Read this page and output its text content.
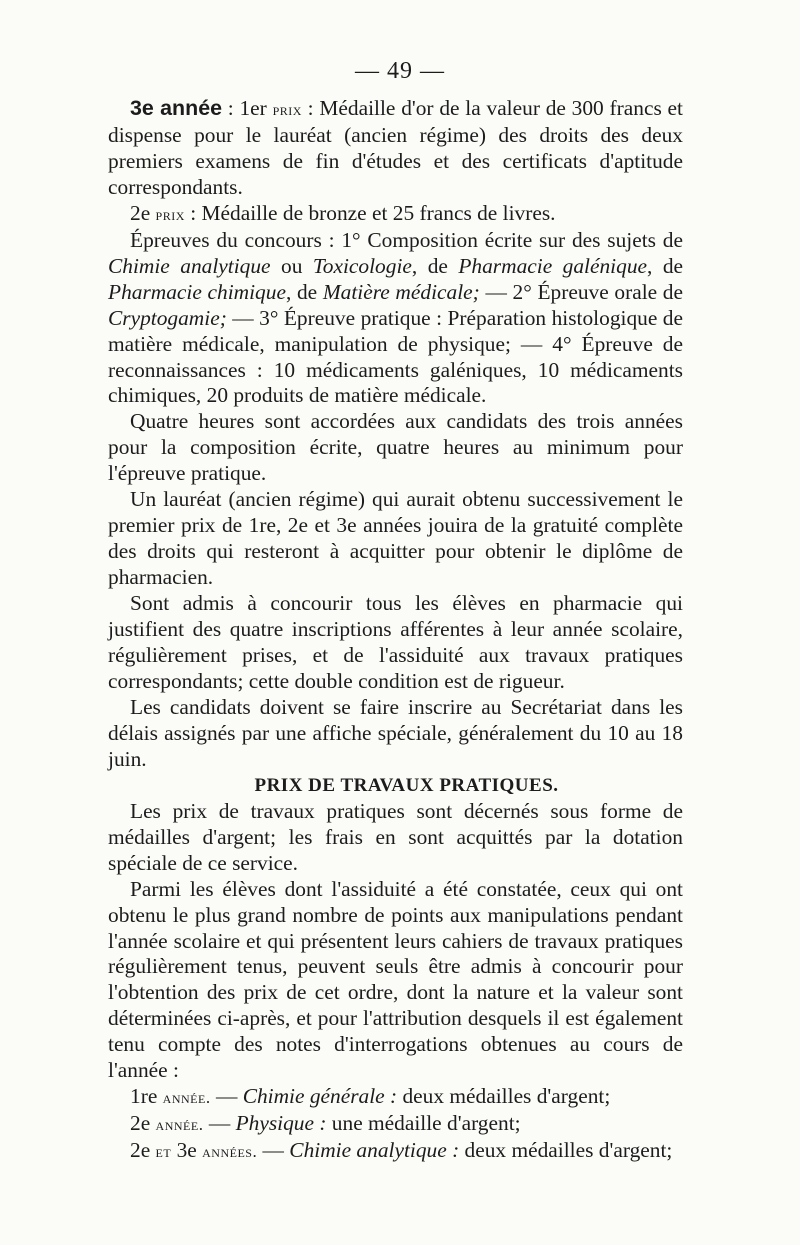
— 49 —

3e année : 1er prix : Médaille d'or de la valeur de 300 francs et dispense pour le lauréat (ancien régime) des droits des deux premiers examens de fin d'études et des certificats d'aptitude correspondants.

2e prix : Médaille de bronze et 25 francs de livres.

Épreuves du concours : 1° Composition écrite sur des sujets de Chimie analytique ou Toxicologie, de Pharmacie galénique, de Pharmacie chimique, de Matière médicale; — 2° Épreuve orale de Cryptogamie; — 3° Épreuve pratique : Préparation histologique de matière médicale, manipulation de physique; — 4° Épreuve de reconnaissances : 10 médicaments galéniques, 10 médicaments chimiques, 20 produits de matière médicale.

Quatre heures sont accordées aux candidats des trois années pour la composition écrite, quatre heures au minimum pour l'épreuve pratique.

Un lauréat (ancien régime) qui aurait obtenu successivement le premier prix de 1re, 2e et 3e années jouira de la gratuité complète des droits qui resteront à acquitter pour obtenir le diplôme de pharmacien.

Sont admis à concourir tous les élèves en pharmacie qui justifient des quatre inscriptions afférentes à leur année scolaire, régulièrement prises, et de l'assiduité aux travaux pratiques correspondants; cette double condition est de rigueur.

Les candidats doivent se faire inscrire au Secrétariat dans les délais assignés par une affiche spéciale, généralement du 10 au 18 juin.

PRIX DE TRAVAUX PRATIQUES.

Les prix de travaux pratiques sont décernés sous forme de médailles d'argent; les frais en sont acquittés par la dotation spéciale de ce service.

Parmi les élèves dont l'assiduité a été constatée, ceux qui ont obtenu le plus grand nombre de points aux manipulations pendant l'année scolaire et qui présentent leurs cahiers de travaux pratiques régulièrement tenus, peuvent seuls être admis à concourir pour l'obtention des prix de cet ordre, dont la nature et la valeur sont déterminées ci-après, et pour l'attribution desquels il est également tenu compte des notes d'interrogations obtenues au cours de l'année :

1re année. — Chimie générale : deux médailles d'argent;

2e année. — Physique : une médaille d'argent;

2e et 3e années. — Chimie analytique : deux médailles d'argent;
